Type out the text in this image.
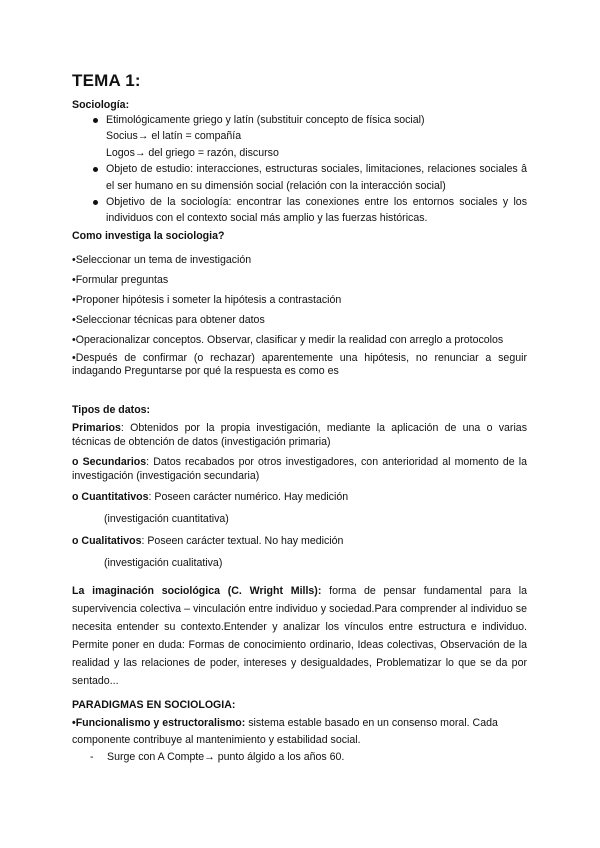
TEMA 1:
Sociología:
Etimológicamente griego y latín (substituir concepto de física social)
Socius→ el latín = compañía
Logos→ del griego = razón, discurso
Objeto de estudio: interacciones, estructuras sociales, limitaciones, relaciones sociales â el ser humano en su dimensión social (relación con la interacción social)
Objetivo de la sociología: encontrar las conexiones entre los entornos sociales y los individuos con el contexto social más amplio y las fuerzas históricas.
Como investiga la sociologia?
•Seleccionar un tema de investigación
•Formular preguntas
•Proponer hipótesis i someter la hipótesis a contrastación
•Seleccionar técnicas para obtener datos
•Operacionalizar conceptos. Observar, clasificar y medir la realidad con arreglo a protocolos
•Después de confirmar (o rechazar) aparentemente una hipótesis, no renunciar a seguir indagando Preguntarse por qué la respuesta es como es
Tipos de datos:
Primarios: Obtenidos por la propia investigación, mediante la aplicación de una o varias técnicas de obtención de datos (investigación primaria)
o Secundarios: Datos recabados por otros investigadores, con anterioridad al momento de la investigación (investigación secundaria)
o Cuantitativos: Poseen carácter numérico. Hay medición
(investigación cuantitativa)
o Cualitativos: Poseen carácter textual. No hay medición
(investigación cualitativa)
La imaginación sociológica (C. Wright Mills): forma de pensar fundamental para la supervivencia colectiva – vinculación entre individuo y sociedad.Para comprender al individuo se necesita entender su contexto.Entender y analizar los vínculos entre estructura e individuo. Permite poner en duda: Formas de conocimiento ordinario, Ideas colectivas, Observación de la realidad y las relaciones de poder, intereses y desigualdades, Problematizar lo que se da por sentado...
PARADIGMAS EN SOCIOLOGIA:
•Funcionalismo y estructoralismo: sistema estable basado en un consenso moral. Cada componente contribuye al mantenimiento y estabilidad social.
- Surge con A Compte→ punto álgido a los años 60.
